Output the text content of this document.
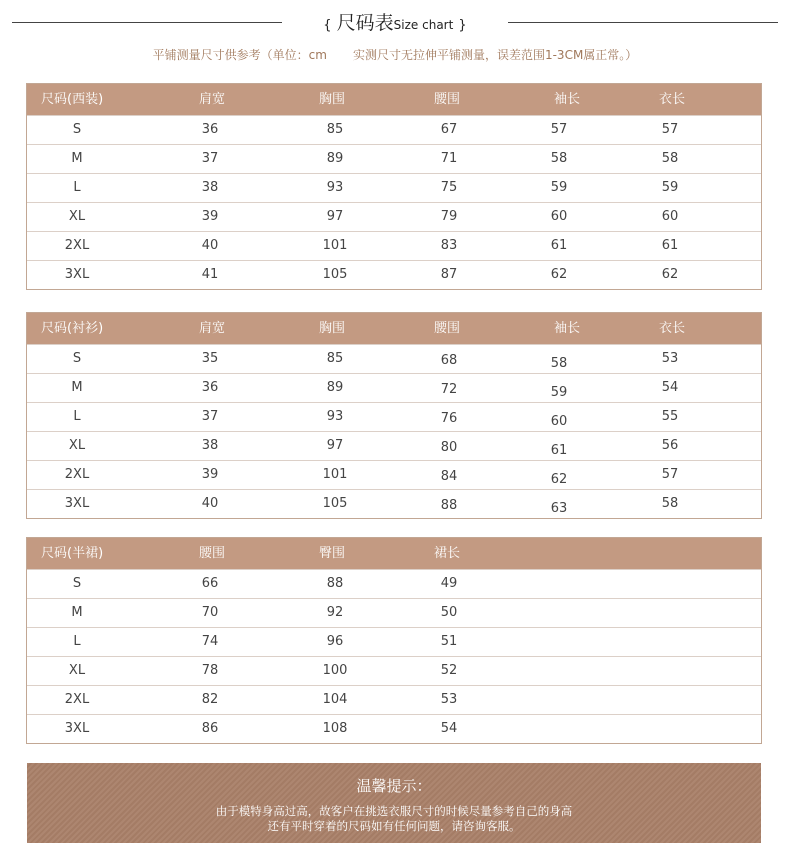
{ 尺码表Size chart }
平铺测量尺寸供参考（单位：cm 实测尺寸无拉伸平铺测量，误差范围1-3CM属正常。）
尺码(西装)	肩宽	胸围	腰围	袖长	衣长
S	36	85	67	57	57
M	37	89	71	58	58
L	38	93	75	59	59
XL	39	97	79	60	60
2XL	40	101	83	61	61
3XL	41	105	87	62	62
尺码(衬衫)	肩宽	胸围	腰围	袖长	衣长
S	35	85	68	58	53
M	36	89	72	59	54
L	37	93	76	60	55
XL	38	97	80	61	56
2XL	39	101	84	62	57
3XL	40	105	88	63	58
尺码(半裙)	腰围	臀围	裙长
S	66	88	49
M	70	92	50
L	74	96	51
XL	78	100	52
2XL	82	104	53
3XL	86	108	54
温馨提示：
由于模特身高过高，故客户在挑选衣服尺寸的时候尽量参考自己的身高
还有平时穿着的尺码如有任何问题，请咨询客服。
